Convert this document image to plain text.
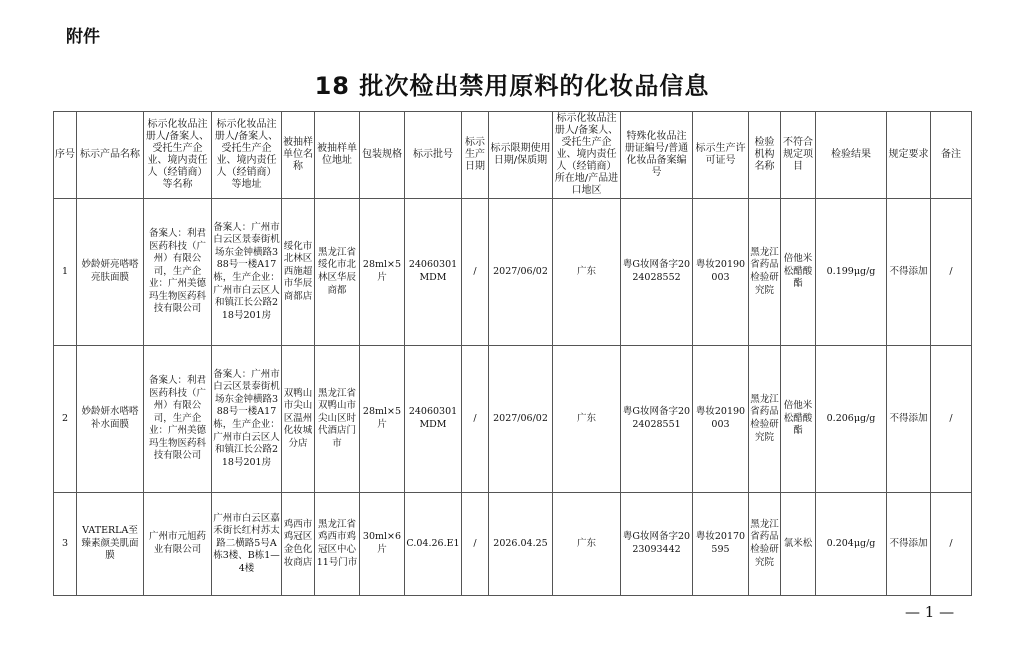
附件
18 批次检出禁用原料的化妆品信息
序号	标示产品名称	标示化妆品注册人/备案人、受托生产企业、境内责任人（经销商）等名称	标示化妆品注册人/备案人、受托生产企业、境内责任人（经销商）等地址	被抽样单位名称	被抽样单位地址	包装规格	标示批号	标示生产日期	标示限期使用日期/保质期	标示化妆品注册人/备案人、受托生产企业、境内责任人（经销商）所在地/产品进口地区	特殊化妆品注册证编号/普通化妆品备案编号	标示生产许可证号	检验机构名称	不符合规定项目	检验结果	规定要求	备注
1	妙龄妍亮嗒嗒亮肤面膜	备案人：利君医药科技（广州）有限公司，生产企业：广州美德玛生物医药科技有限公司	备案人：广州市白云区景泰街机场东金钟横路388号一楼A17栋，生产企业：广州市白云区人和镇江长公路218号201房	绥化市北林区西施超市华辰商都店	黑龙江省绥化市北林区华辰商都	28ml×5片	24060301MDM	/	2027/06/02	广东	粤G妆网备字2024028552	粤妆20190003	黑龙江省药品检验研究院	倍他米松醋酸酯	0.199μg/g	不得添加	/
2	妙龄妍水嗒嗒补水面膜	备案人：利君医药科技（广州）有限公司，生产企业：广州美德玛生物医药科技有限公司	备案人：广州市白云区景泰街机场东金钟横路388号一楼A17栋，生产企业：广州市白云区人和镇江长公路218号201房	双鸭山市尖山区温州化妆城分店	黑龙江省双鸭山市尖山区时代酒店门市	28ml×5片	24060301MDM	/	2027/06/02	广东	粤G妆网备字2024028551	粤妆20190003	黑龙江省药品检验研究院	倍他米松醋酸酯	0.206μg/g	不得添加	/
3	VATERLA至臻素颜美肌面膜	广州市元旭药业有限公司	广州市白云区嘉禾街长红村苏太路二横路5号A栋3楼、B栋1—4楼	鸡西市鸡冠区金色化妆商店	黑龙江省鸡西市鸡冠区中心11号门市	30ml×6片	C.04.26.E1	/	2026.04.25	广东	粤G妆网备字2023093442	粤妆20170595	黑龙江省药品检验研究院	氯米松	0.204μg/g	不得添加	/
— 1 —
